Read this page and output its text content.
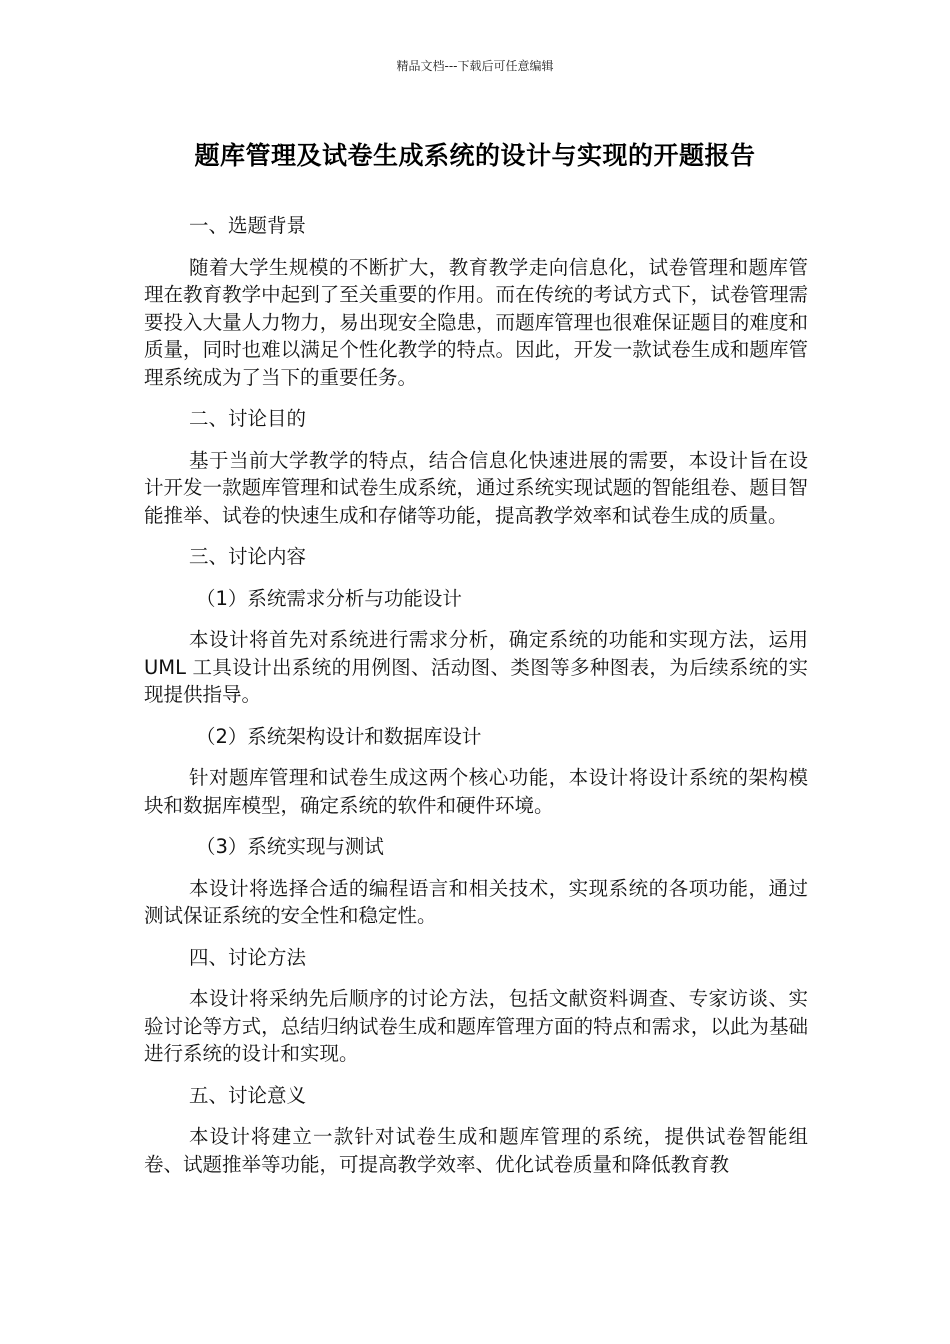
精品文档---下载后可任意编辑
题库管理及试卷生成系统的设计与实现的开题报告

一、选题背景

随着大学生规模的不断扩大，教育教学走向信息化，试卷管理和题库管理在教育教学中起到了至关重要的作用。而在传统的考试方式下，试卷管理需要投入大量人力物力，易出现安全隐患，而题库管理也很难保证题目的难度和质量，同时也难以满足个性化教学的特点。因此，开发一款试卷生成和题库管理系统成为了当下的重要任务。

二、讨论目的

基于当前大学教学的特点，结合信息化快速进展的需要，本设计旨在设计开发一款题库管理和试卷生成系统，通过系统实现试题的智能组卷、题目智能推举、试卷的快速生成和存储等功能，提高教学效率和试卷生成的质量。

三、讨论内容

（1）系统需求分析与功能设计

本设计将首先对系统进行需求分析，确定系统的功能和实现方法，运用 UML 工具设计出系统的用例图、活动图、类图等多种图表，为后续系统的实现提供指导。

（2）系统架构设计和数据库设计

针对题库管理和试卷生成这两个核心功能，本设计将设计系统的架构模块和数据库模型，确定系统的软件和硬件环境。

（3）系统实现与测试

本设计将选择合适的编程语言和相关技术，实现系统的各项功能，通过测试保证系统的安全性和稳定性。

四、讨论方法

本设计将采纳先后顺序的讨论方法，包括文献资料调查、专家访谈、实验讨论等方式，总结归纳试卷生成和题库管理方面的特点和需求，以此为基础进行系统的设计和实现。

五、讨论意义

本设计将建立一款针对试卷生成和题库管理的系统，提供试卷智能组卷、试题推举等功能，可提高教学效率、优化试卷质量和降低教育教
